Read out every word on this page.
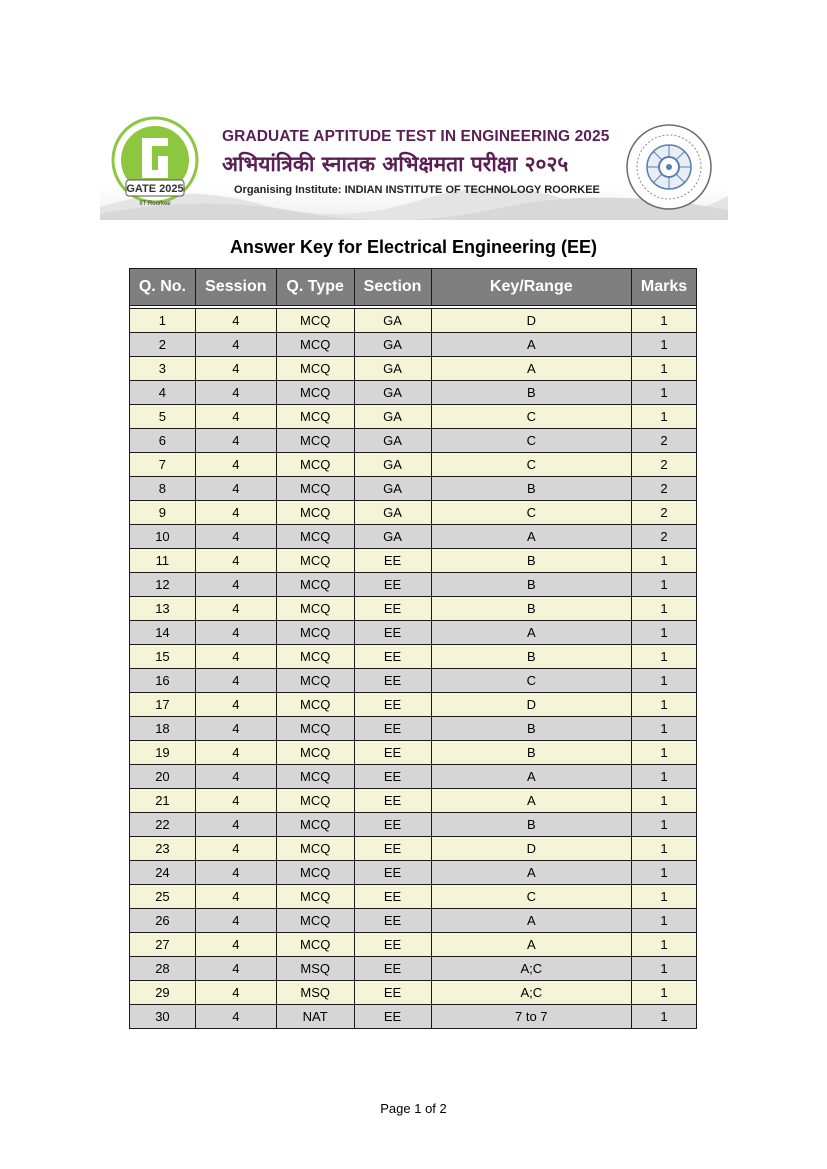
GATE 2025
IIT Roorkee
GRADUATE APTITUDE TEST IN ENGINEERING 2025
अभियांत्रिकी स्नातक अभिक्षमता परीक्षा २०२५
Organising Institute: INDIAN INSTITUTE OF TECHNOLOGY ROORKEE
Answer Key for Electrical Engineering (EE)
Q. No.	Session	Q. Type	Section	Key/Range	Marks

1	4	MCQ	GA	D	1
2	4	MCQ	GA	A	1
3	4	MCQ	GA	A	1
4	4	MCQ	GA	B	1
5	4	MCQ	GA	C	1
6	4	MCQ	GA	C	2
7	4	MCQ	GA	C	2
8	4	MCQ	GA	B	2
9	4	MCQ	GA	C	2
10	4	MCQ	GA	A	2
11	4	MCQ	EE	B	1
12	4	MCQ	EE	B	1
13	4	MCQ	EE	B	1
14	4	MCQ	EE	A	1
15	4	MCQ	EE	B	1
16	4	MCQ	EE	C	1
17	4	MCQ	EE	D	1
18	4	MCQ	EE	B	1
19	4	MCQ	EE	B	1
20	4	MCQ	EE	A	1
21	4	MCQ	EE	A	1
22	4	MCQ	EE	B	1
23	4	MCQ	EE	D	1
24	4	MCQ	EE	A	1
25	4	MCQ	EE	C	1
26	4	MCQ	EE	A	1
27	4	MCQ	EE	A	1
28	4	MSQ	EE	A;C	1
29	4	MSQ	EE	A;C	1
30	4	NAT	EE	7 to 7	1
Page 1 of 2
